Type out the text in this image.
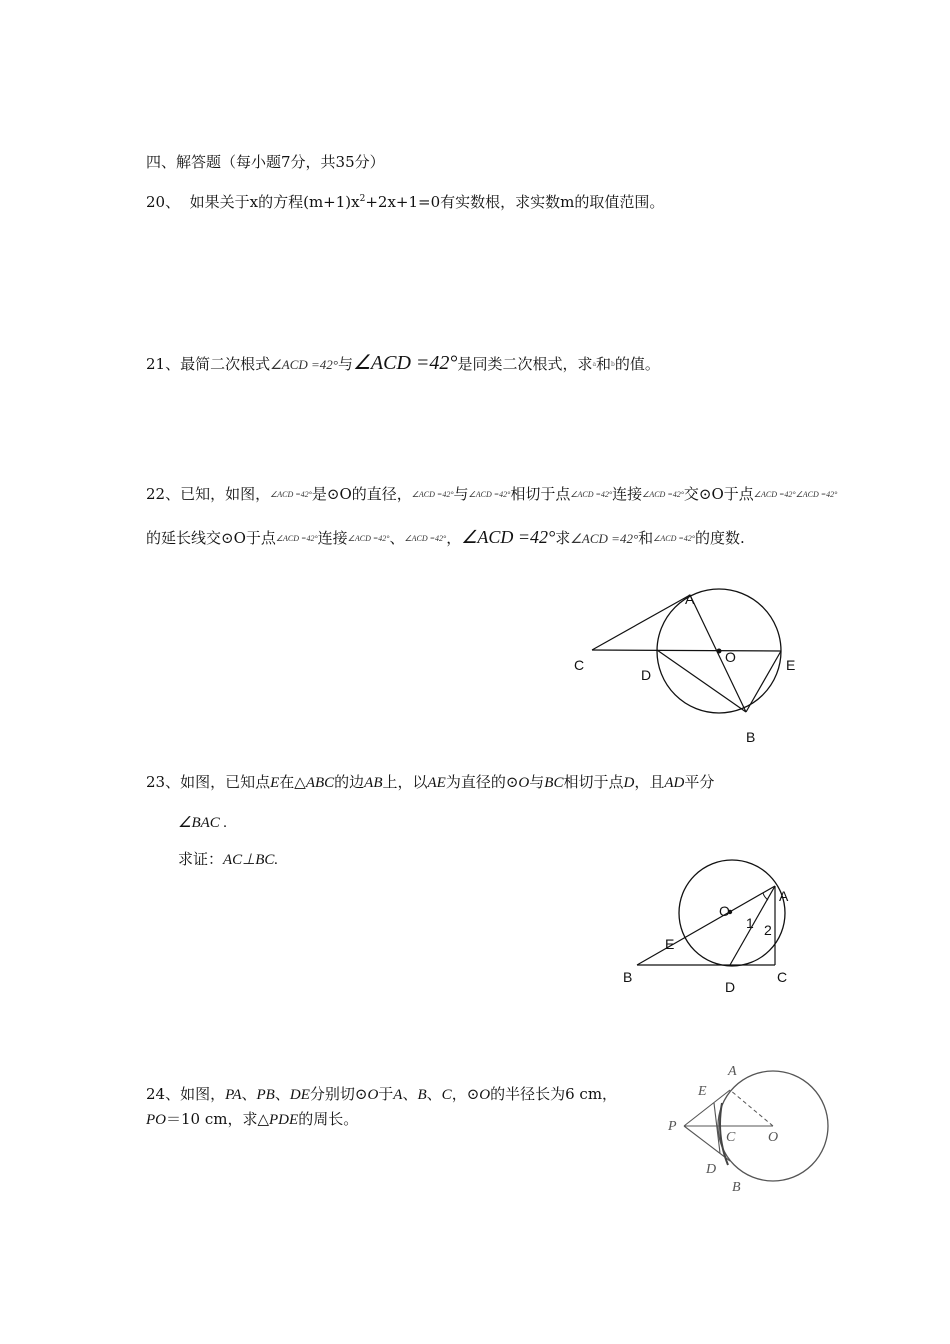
四、解答题（每小题7分，共35分）
20、 如果关于x的方程$(m+1)x^2+2x+1=0$有实数根，求实数m的取值范围。
21、最简二次根式∠ACD =42°与∠ACD =42°是同类二次根式，求a和b的值。
22、已知，如图，∠ACD =42°是⊙O的直径，∠ACD =42°与∠ACD =42°相切于点∠ACD =42°连接∠ACD =42°交⊙O于点∠ACD =42°∠ACD =42°
的延长线交⊙O于点∠ACD =42°连接∠ACD =42°、∠ACD =42°，∠ACD =42°求∠ACD =42°和∠ACD =42°的度数.
A
O
C
D
E
B
23、如图，已知点E在△ABC的边AB上，以AE为直径的⊙O与BC相切于点D，且AD平分
∠BAC .
求证：AC⊥BC.
A
O
1 2
E
B
D
C
24、如图，PA、PB、DE分别切⊙O于A、B、C，⊙O的半径长为6 cm，
PO＝10 cm，求△PDE的周长。
A
E
P
C O
D
B
